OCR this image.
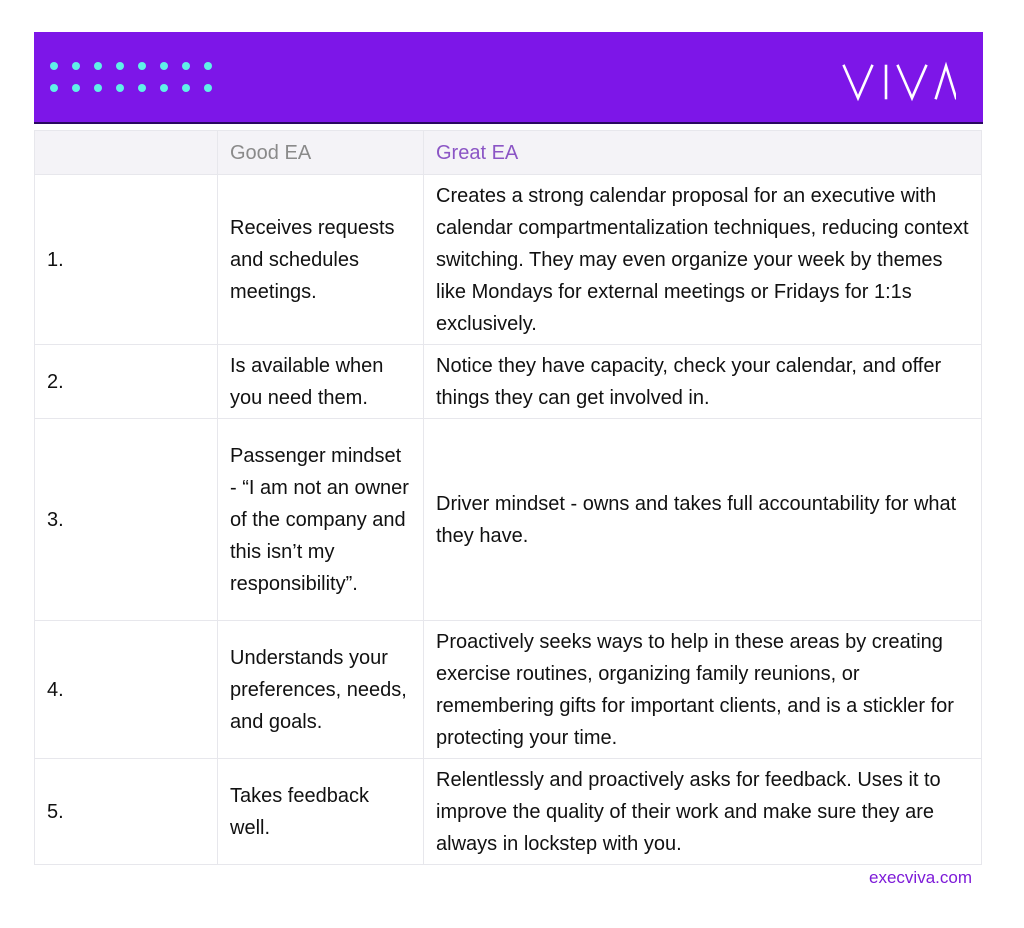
	Good EA	Great EA
1.	Receives requests and schedules meetings.	Creates a strong calendar proposal for an executive with calendar compartmentalization techniques, reducing context switching. They may even organize your week by themes like Mondays for external meetings or Fridays for 1:1s exclusively.
2.	Is available when you need them.	Notice they have capacity, check your calendar, and offer things they can get involved in.
3.	Passenger mindset - “I am not an owner of the company and this isn’t my responsibility”.	Driver mindset - owns and takes full accountability for what they have.
4.	Understands your preferences, needs, and goals.	Proactively seeks ways to help in these areas by creating exercise routines, organizing family reunions, or remembering gifts for important clients, and is a stickler for protecting your time.
5.	Takes feedback well.	Relentlessly and proactively asks for feedback. Uses it to improve the quality of their work and make sure they are always in lockstep with you.
execviva.com
